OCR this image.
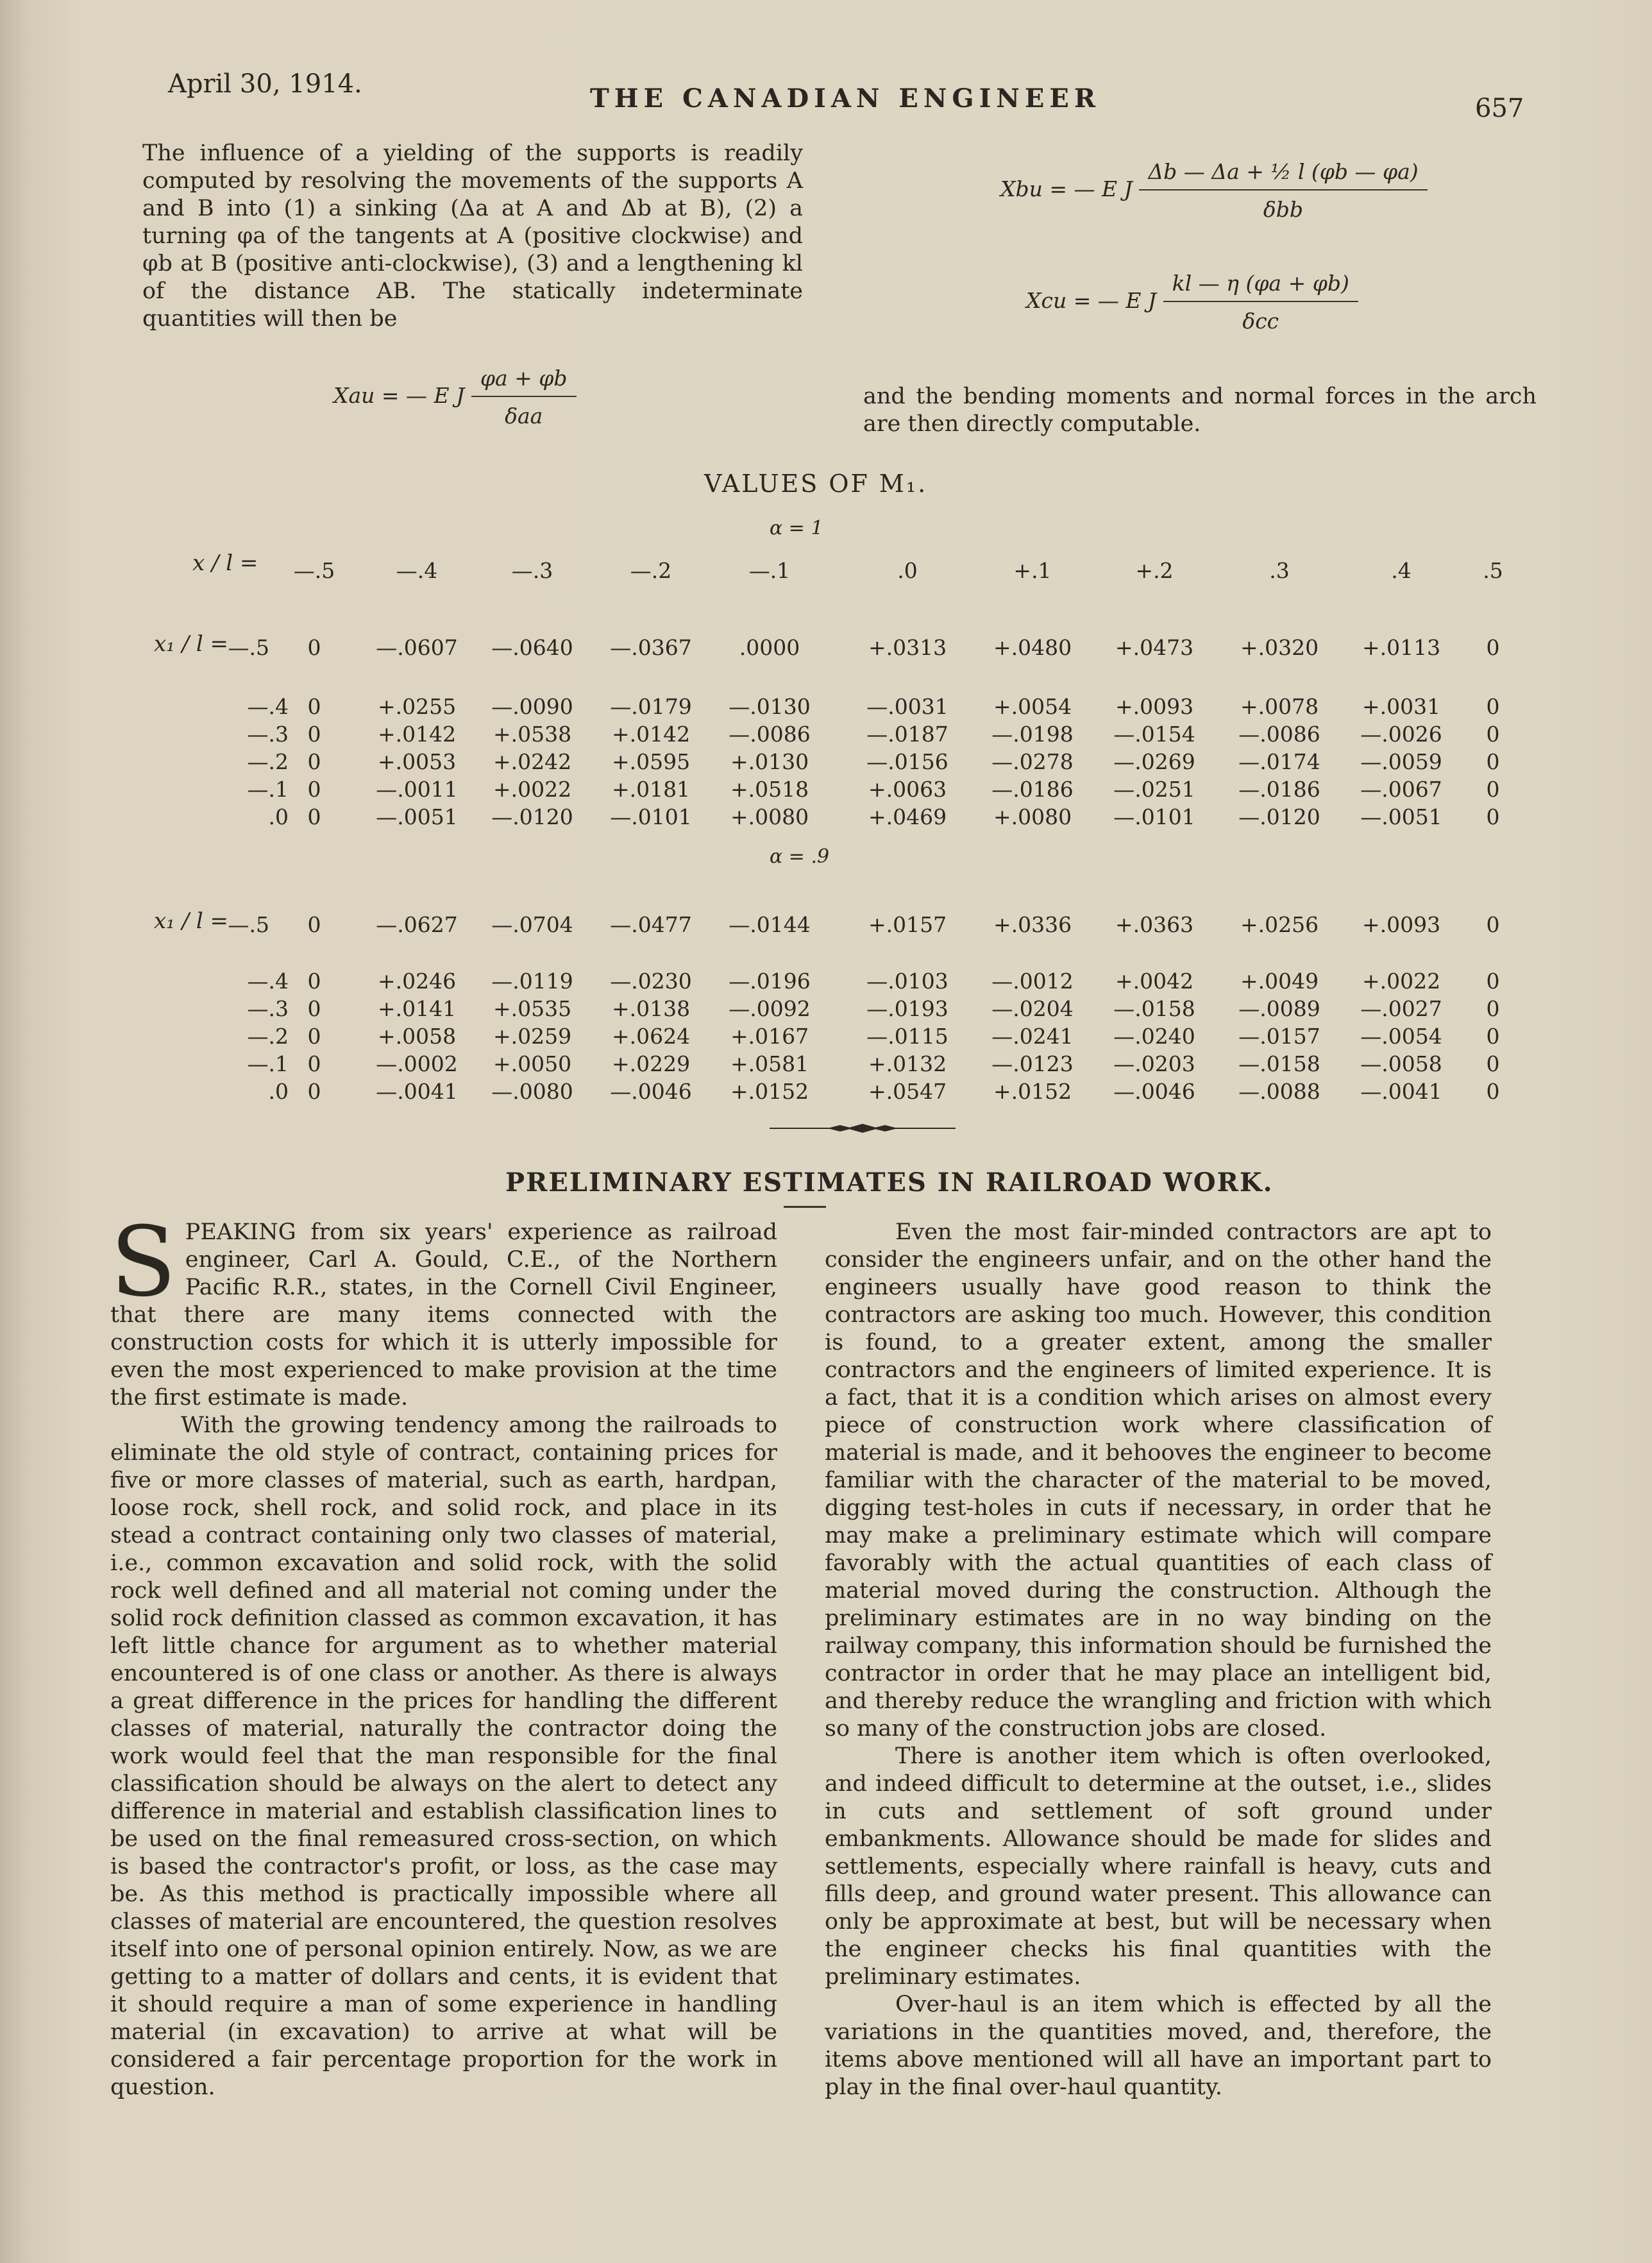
April 30, 1914.	THE CANADIAN ENGINEER	657
The influence of a yielding of the supports is readily computed by resolving the movements of the supports A and B into (1) a sinking (Δa at A and Δb at B), (2) a turning φa of the tangents at A (positive clockwise) and φb at B (positive anti-clockwise), (3) and a lengthening kl of the distance AB. The statically indeterminate quantities will then be
Xau = — E J $\frac{\varphi a + \varphi b}{\text{δaa}}$
Xbu = — E J $\frac{\text{Δb — Δa + ½ l (φb — φa)}}{\text{δbb}}$
Xcu = — E J $\frac{kl — \eta (\varphi a + \varphi b)}{\text{δcc}}$
and the bending moments and normal forces in the arch are then directly computable.
VALUES OF M₁.
α = 1
α = .9
x / l =	—.5	—.4	—.3	—.2	—.1	.0	+.1	+.2	.3	.4	.5
x₁ / l = —.5	0	—.0607	—.0640	—.0367	.0000	+.0313	+.0480	+.0473	+.0320	+.0113	0
—.4 0	+.0255	—.0090	—.0179	—.0130	—.0031	+.0054	+.0093	+.0078	+.0031	0
—.3 0	+.0142	+.0538	+.0142	—.0086	—.0187	—.0198	—.0154	—.0086	—.0026	0
—.2 0	+.0053	+.0242	+.0595	+.0130	—.0156	—.0278	—.0269	—.0174	—.0059	0
—.1 0	—.0011	+.0022	+.0181	+.0518	+.0063	—.0186	—.0251	—.0186	—.0067	0
.0 0	—.0051	—.0120	—.0101	+.0080	+.0469	+.0080	—.0101	—.0120	—.0051	0
x₁ / l = —.5	0	—.0627	—.0704	—.0477	—.0144	+.0157	+.0336	+.0363	+.0256	+.0093	0
—.4 0	+.0246	—.0119	—.0230	—.0196	—.0103	—.0012	+.0042	+.0049	+.0022	0
—.3 0	+.0141	+.0535	+.0138	—.0092	—.0193	—.0204	—.0158	—.0089	—.0027	0
—.2 0	+.0058	+.0259	+.0624	+.0167	—.0115	—.0241	—.0240	—.0157	—.0054	0
—.1 0	—.0002	+.0050	+.0229	+.0581	+.0132	—.0123	—.0203	—.0158	—.0058	0
.0 0	—.0041	—.0080	—.0046	+.0152	+.0547	+.0152	—.0046	—.0088	—.0041	0
PRELIMINARY ESTIMATES IN RAILROAD WORK.

SPEAKING from six years' experience as railroad engineer, Carl A. Gould, C.E., of the Northern Pacific R.R., states, in the Cornell Civil Engineer, that there are many items connected with the construction costs for which it is utterly impossible for even the most experienced to make provision at the time the first estimate is made.

With the growing tendency among the railroads to eliminate the old style of contract, containing prices for five or more classes of material, such as earth, hardpan, loose rock, shell rock, and solid rock, and place in its stead a contract containing only two classes of material, i.e., common excavation and solid rock, with the solid rock well defined and all material not coming under the solid rock definition classed as common excavation, it has left little chance for argument as to whether material encountered is of one class or another. As there is always a great difference in the prices for handling the different classes of material, naturally the contractor doing the work would feel that the man responsible for the final classification should be always on the alert to detect any difference in material and establish classification lines to be used on the final remeasured cross-section, on which is based the contractor's profit, or loss, as the case may be. As this method is practically impossible where all classes of material are encountered, the question resolves itself into one of personal opinion entirely. Now, as we are getting to a matter of dollars and cents, it is evident that it should require a man of some experience in handling material (in excavation) to arrive at what will be considered a fair percentage proportion for the work in question.

Even the most fair-minded contractors are apt to consider the engineers unfair, and on the other hand the engineers usually have good reason to think the contractors are asking too much. However, this condition is found, to a greater extent, among the smaller contractors and the engineers of limited experience. It is a fact, that it is a condition which arises on almost every piece of construction work where classification of material is made, and it behooves the engineer to become familiar with the character of the material to be moved, digging test-holes in cuts if necessary, in order that he may make a preliminary estimate which will compare favorably with the actual quantities of each class of material moved during the construction. Although the preliminary estimates are in no way binding on the railway company, this information should be furnished the contractor in order that he may place an intelligent bid, and thereby reduce the wrangling and friction with which so many of the construction jobs are closed.

There is another item which is often overlooked, and indeed difficult to determine at the outset, i.e., slides in cuts and settlement of soft ground under embankments. Allowance should be made for slides and settlements, especially where rainfall is heavy, cuts and fills deep, and ground water present. This allowance can only be approximate at best, but will be necessary when the engineer checks his final quantities with the preliminary estimates.

Over-haul is an item which is effected by all the variations in the quantities moved, and, therefore, the items above mentioned will all have an important part to play in the final over-haul quantity.
